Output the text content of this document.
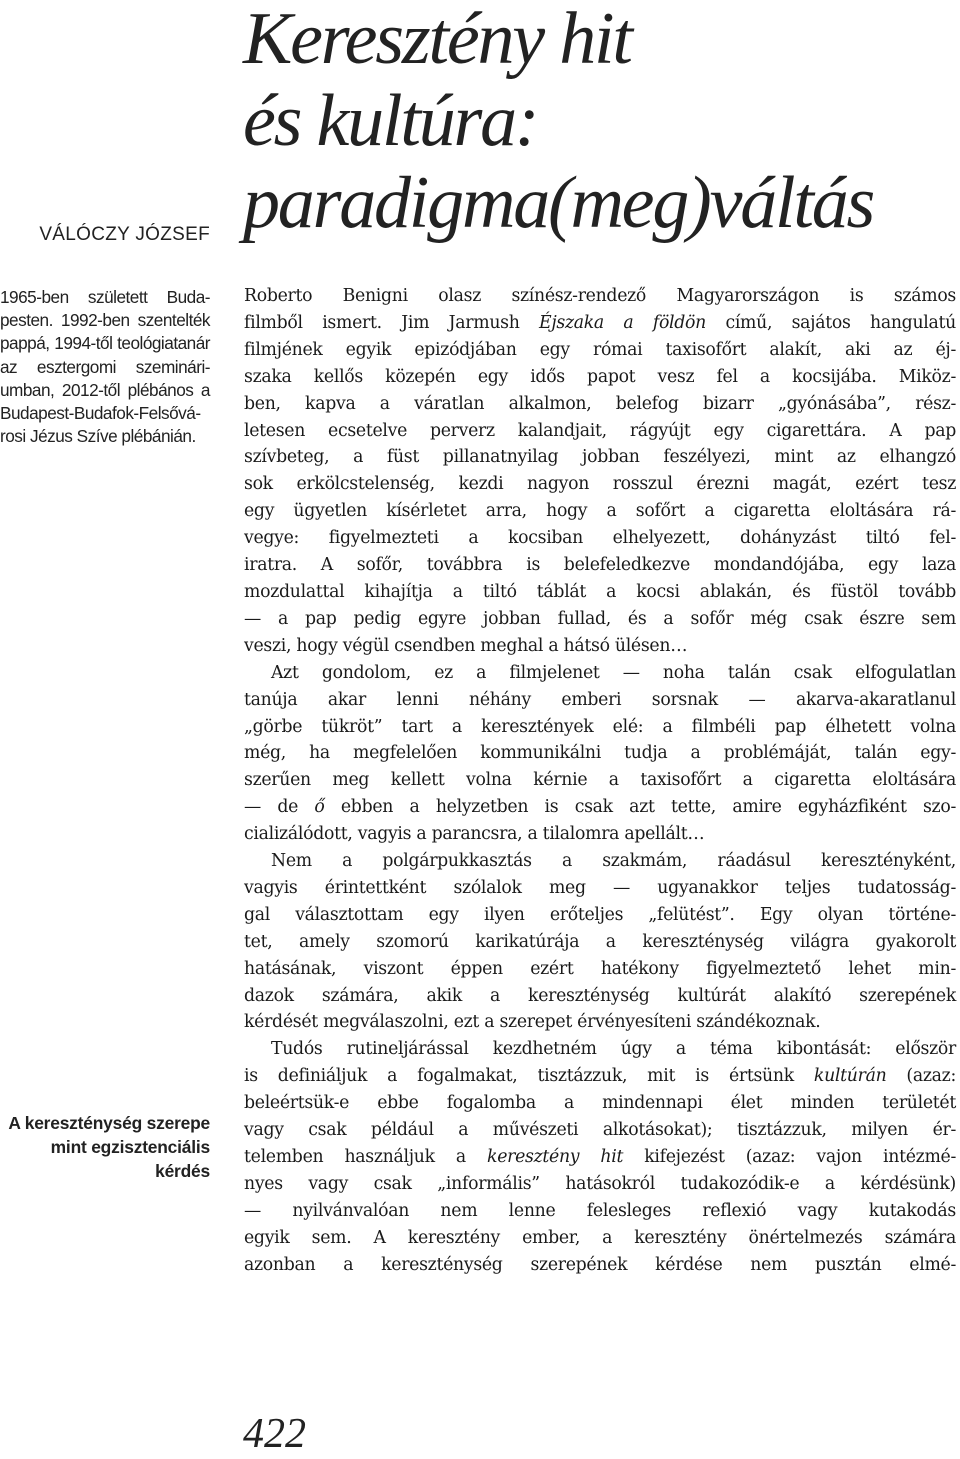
VÁLÓCZY JÓZSEF
1965-ben született Buda-
pesten. 1992-ben szentelték
pappá, 1994-től teológiatanár
az esztergomi szeminári-
umban, 2012-től plébános a
Budapest-Budafok-Felsővá-
rosi Jézus Szíve plébánián.
A kereszténység szerepe
mint egzisztenciális
kérdés
Keresztény hit
és kultúra:
paradigma(meg)váltás
Roberto Benigni olasz színész-rendező Magyarországon is számos
filmből ismert. Jim Jarmush Éjszaka a földön című, sajátos hangulatú
filmjének egyik epizódjában egy római taxisofőrt alakít, aki az éj-
szaka kellős közepén egy idős papot vesz fel a kocsijába. Miköz-
ben, kapva a váratlan alkalmon, belefog bizarr „gyónásába”, rész-
letesen ecsetelve perverz kalandjait, rágyújt egy cigarettára. A pap
szívbeteg, a füst pillanatnyilag jobban feszélyezi, mint az elhangzó
sok erkölcstelenség, kezdi nagyon rosszul érezni magát, ezért tesz
egy ügyetlen kísérletet arra, hogy a sofőrt a cigaretta eloltására rá-
vegye: figyelmezteti a kocsiban elhelyezett, dohányzást tiltó fel-
iratra. A sofőr, továbbra is belefeledkezve mondandójába, egy laza
mozdulattal kihajítja a tiltó táblát a kocsi ablakán, és füstöl tovább
— a pap pedig egyre jobban fullad, és a sofőr még csak észre sem
veszi, hogy végül csendben meghal a hátsó ülésen…
Azt gondolom, ez a filmjelenet — noha talán csak elfogulatlan
tanúja akar lenni néhány emberi sorsnak — akarva-akaratlanul
„görbe tükröt” tart a keresztények elé: a filmbéli pap élhetett volna
még, ha megfelelően kommunikálni tudja a problémáját, talán egy-
szerűen meg kellett volna kérnie a taxisofőrt a cigaretta eloltására
— de ő ebben a helyzetben is csak azt tette, amire egyházfiként szo-
cializálódott, vagyis a parancsra, a tilalomra apellált…
Nem a polgárpukkasztás a szakmám, ráadásul keresztényként,
vagyis érintettként szólalok meg — ugyanakkor teljes tudatosság-
gal választottam egy ilyen erőteljes „felütést”. Egy olyan történe-
tet, amely szomorú karikatúrája a kereszténység világra gyakorolt
hatásának, viszont éppen ezért hatékony figyelmeztető lehet min-
dazok számára, akik a kereszténység kultúrát alakító szerepének
kérdését megválaszolni, ezt a szerepet érvényesíteni szándékoznak.
Tudós rutineljárással kezdhetném úgy a téma kibontását: először
is definiáljuk a fogalmakat, tisztázzuk, mit is értsünk kultúrán (azaz:
beleértsük-e ebbe fogalomba a mindennapi élet minden területét
vagy csak például a művészeti alkotásokat); tisztázzuk, milyen ér-
telemben használjuk a keresztény hit kifejezést (azaz: vajon intézmé-
nyes vagy csak „informális” hatásokról tudakozódik-e a kérdésünk)
— nyilvánvalóan nem lenne felesleges reflexió vagy kutakodás
egyik sem. A keresztény ember, a keresztény önértelmezés számára
azonban a kereszténység szerepének kérdése nem pusztán elmé-
422
